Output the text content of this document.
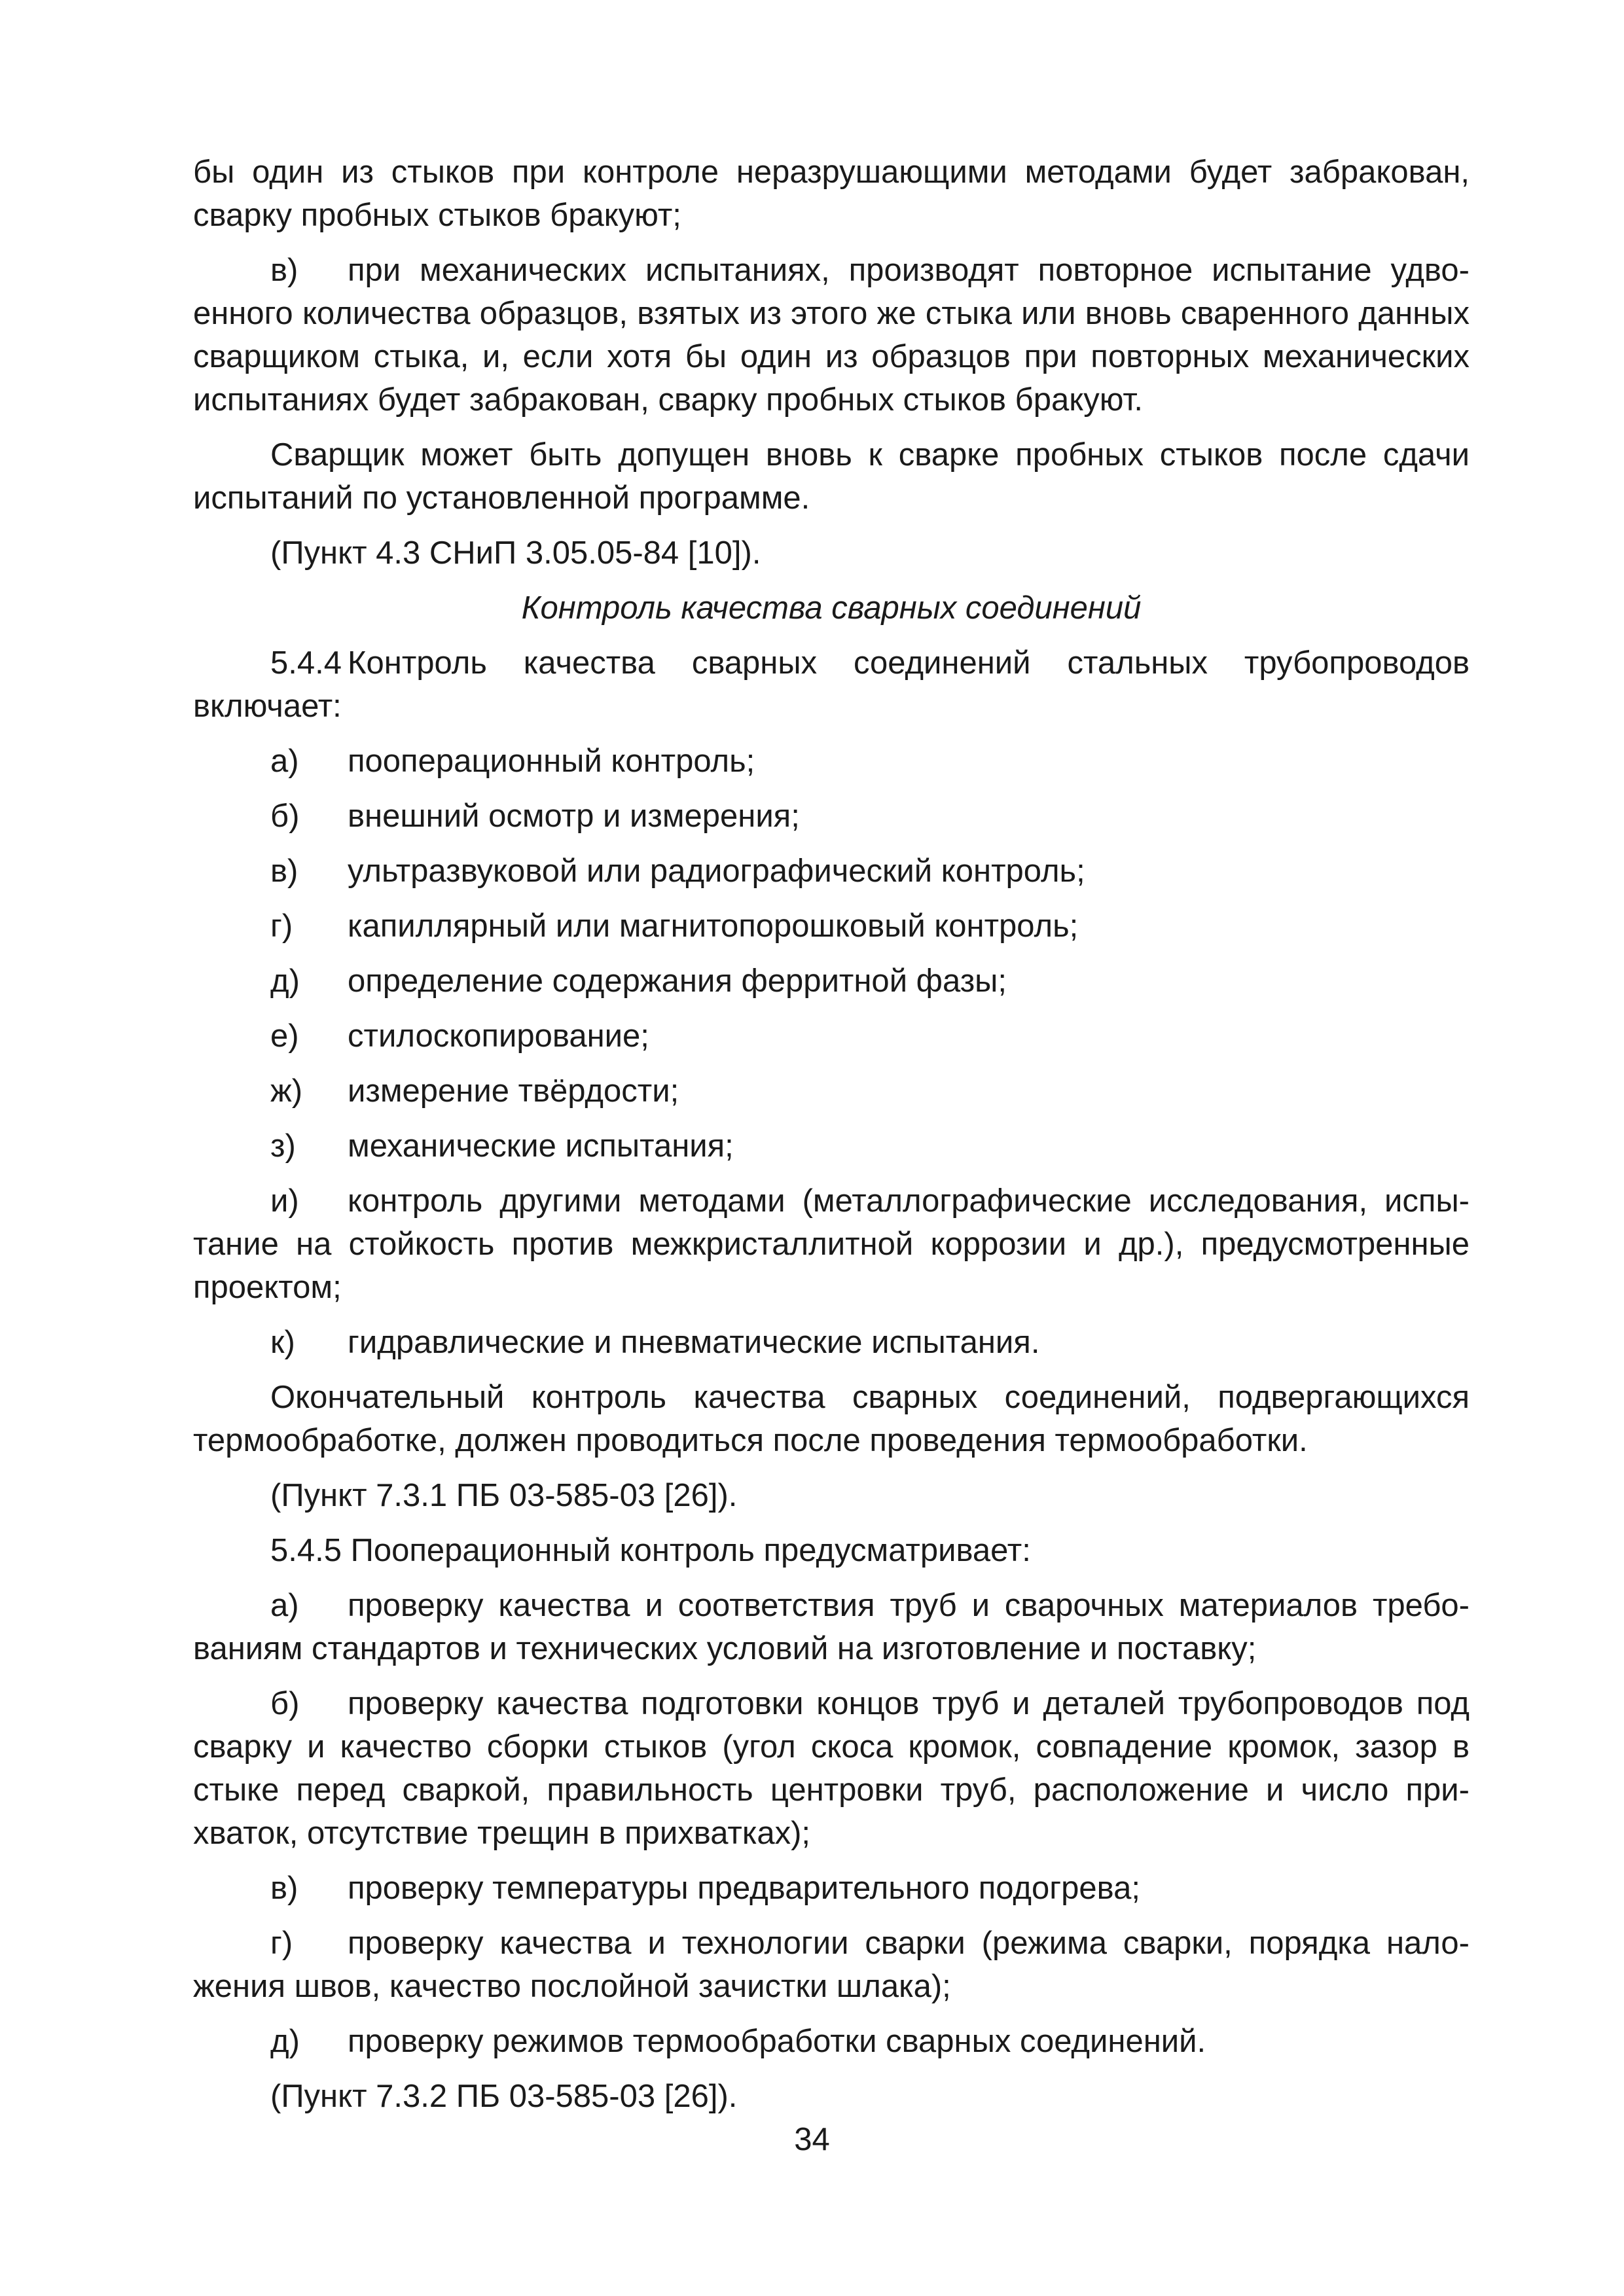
бы один из стыков при контроле неразрушающими методами будет забракован, сварку пробных стыков бракуют;

в) при механических испытаниях, производят повторное испытание удвоенного количества образцов, взятых из этого же стыка или вновь сваренного данных сварщиком стыка, и, если хотя бы один из образцов при повторных механических испытаниях будет забракован, сварку пробных стыков бракуют.

Сварщик может быть допущен вновь к сварке пробных стыков после сдачи испытаний по установленной программе.

(Пункт 4.3 СНиП 3.05.05-84 [10]).

Контроль качества сварных соединений

5.4.4 Контроль качества сварных соединений стальных трубопроводов включает:

а) пооперационный контроль;

б) внешний осмотр и измерения;

в) ультразвуковой или радиографический контроль;

г) капиллярный или магнитопорошковый контроль;

д) определение содержания ферритной фазы;

е) стилоскопирование;

ж) измерение твёрдости;

з) механические испытания;

и) контроль другими методами (металлографические исследования, испытание на стойкость против межкристаллитной коррозии и др.), предусмотренные проектом;

к) гидравлические и пневматические испытания.

Окончательный контроль качества сварных соединений, подвергающихся термообработке, должен проводиться после проведения термообработки.

(Пункт 7.3.1 ПБ 03-585-03 [26]).

5.4.5 Пооперационный контроль предусматривает:

а) проверку качества и соответствия труб и сварочных материалов требованиям стандартов и технических условий на изготовление и поставку;

б) проверку качества подготовки концов труб и деталей трубопроводов под сварку и качество сборки стыков (угол скоса кромок, совпадение кромок, зазор в стыке перед сваркой, правильность центровки труб, расположение и число прихваток, отсутствие трещин в прихватках);

в) проверку температуры предварительного подогрева;

г) проверку качества и технологии сварки (режима сварки, порядка наложения швов, качество послойной зачистки шлака);

д) проверку режимов термообработки сварных соединений.

(Пункт 7.3.2 ПБ 03-585-03 [26]).

34
